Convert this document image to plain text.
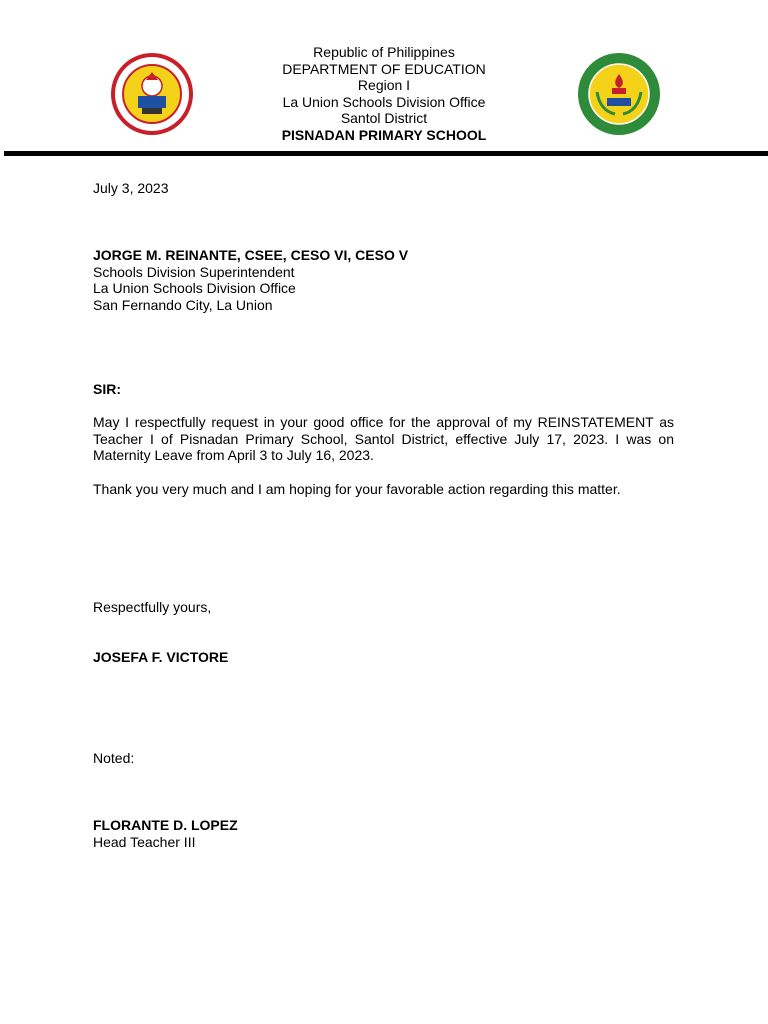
Republic of Philippines
DEPARTMENT OF EDUCATION
Region I
La Union Schools Division Office
Santol District
PISNADAN PRIMARY SCHOOL
July 3, 2023
JORGE M. REINANTE, CSEE, CESO VI, CESO V
Schools Division Superintendent
La Union Schools Division Office
San Fernando City, La Union
SIR:
May I respectfully request in your good office for the approval of my REINSTATEMENT as Teacher I of Pisnadan Primary School, Santol District, effective July 17, 2023. I was on Maternity Leave from April 3 to July 16, 2023.
Thank you very much and I am hoping for your favorable action regarding this matter.
Respectfully yours,
JOSEFA F. VICTORE
Noted:
FLORANTE D. LOPEZ
Head Teacher III
